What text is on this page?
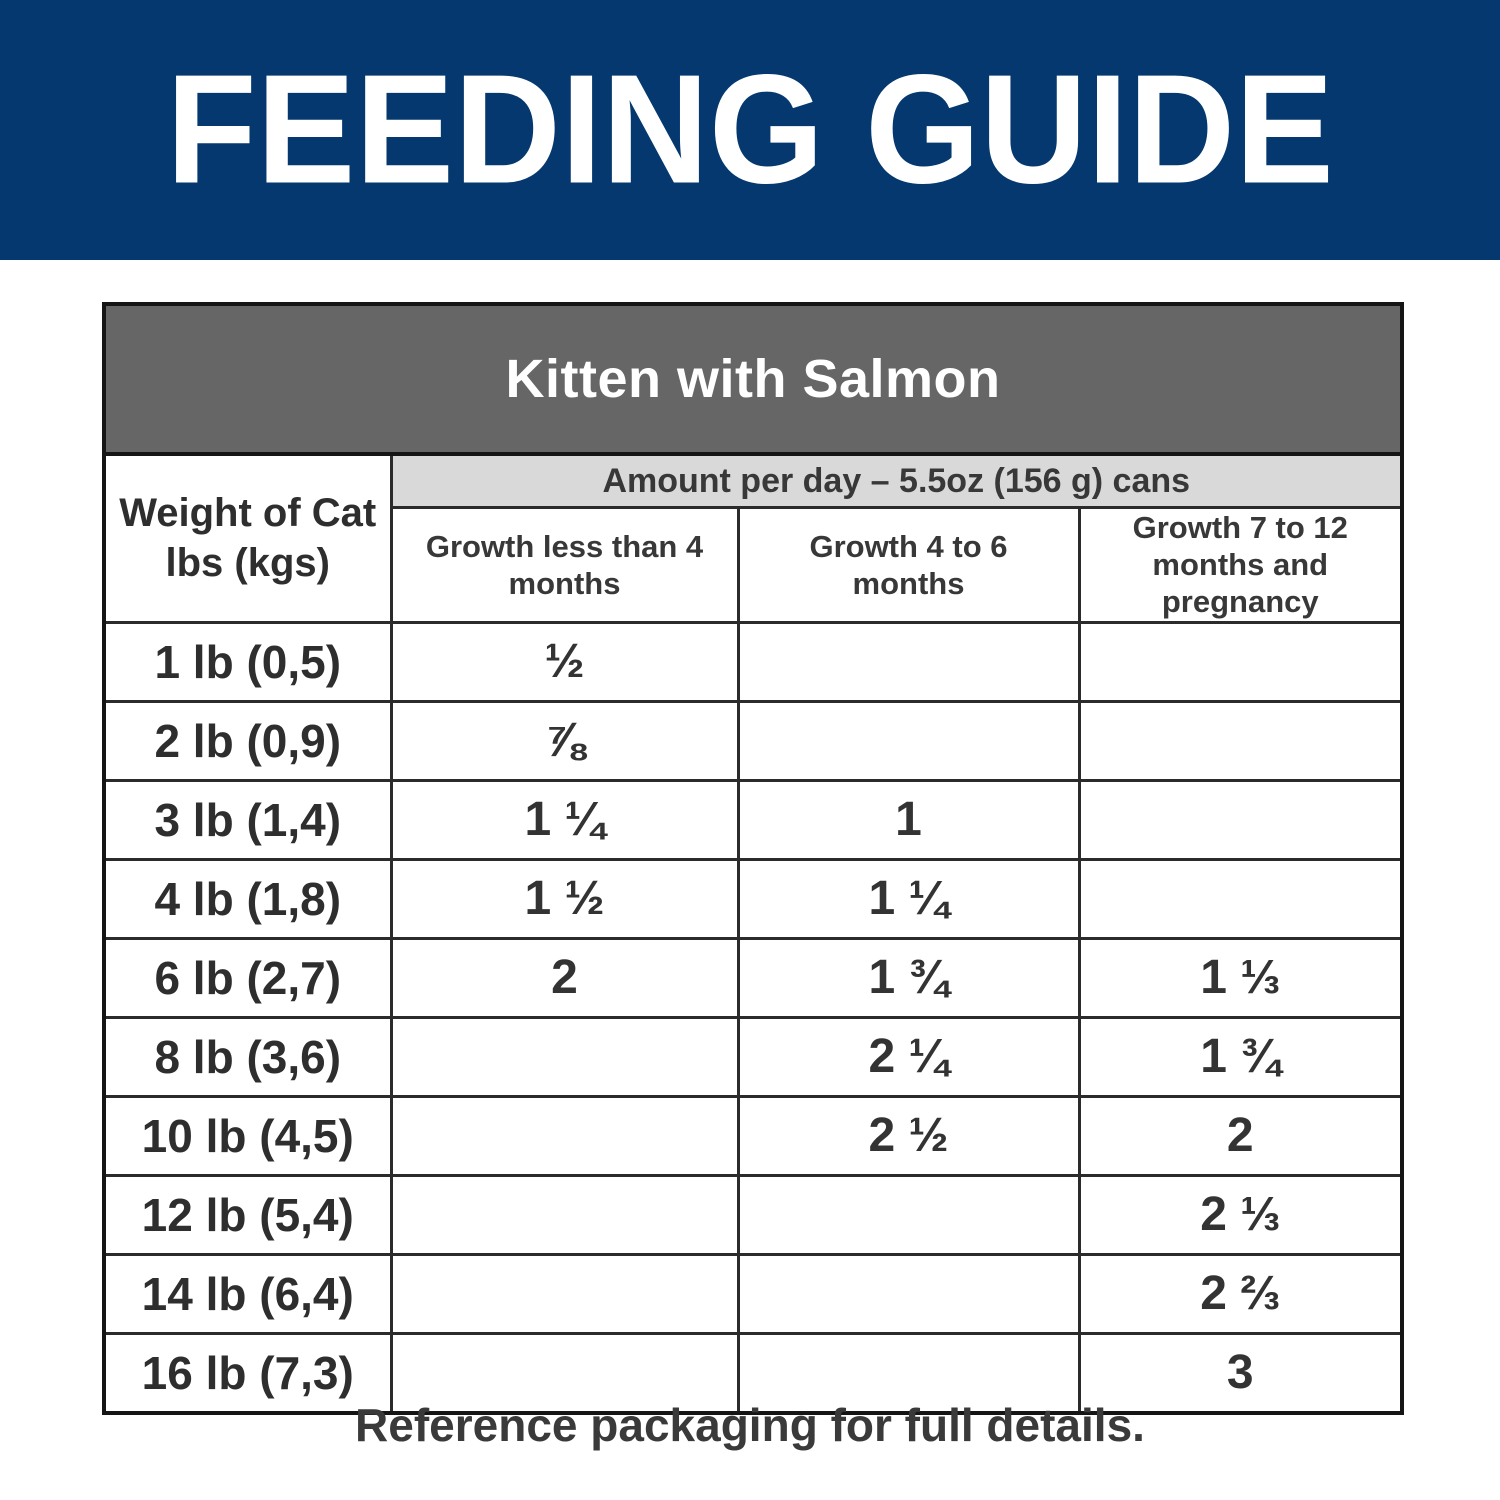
FEEDING GUIDE
Kitten with Salmon			

Weight of Cat
lbs (kgs)	Amount per day – 5.5oz (156 g) cans		
	Growth less than 4 months	Growth 4 to 6 months	Growth 7 to 12 months and pregnancy
1 lb (0,5)	½		
2 lb (0,9)	⅞		
3 lb (1,4)	1 ¼	1	
4 lb (1,8)	1 ½	1 ¼	
6 lb (2,7)	2	1 ¾	1 ⅓
8 lb (3,6)		2 ¼	1 ¾
10 lb (4,5)		2 ½	2
12 lb (5,4)			2 ⅓
14 lb (6,4)			2 ⅔
16 lb (7,3)			3
Reference packaging for full details.
